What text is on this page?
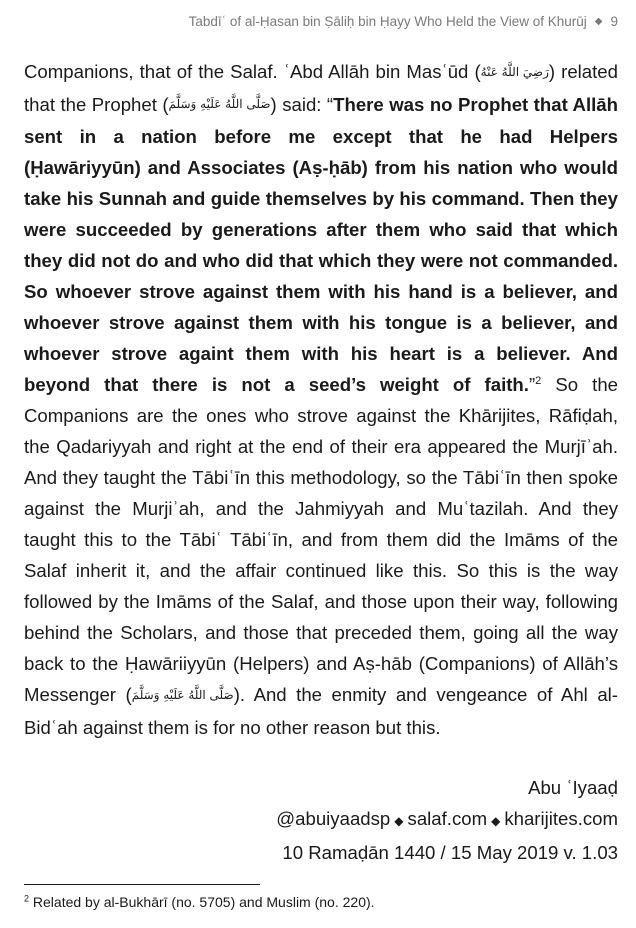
Tabdīʿ of al-Ḥasan bin Ṣāliḥ bin Ḥayy Who Held the View of Khurūj ◆ 9
Companions, that of the Salaf. ʿAbd Allāh bin Masʿūd (رَضِيَ اللَّهُ عَنْهُ) related that the Prophet (صَلَّى اللَّهُ عَلَيْهِ وَسَلَّمَ) said: “There was no Prophet that Allāh sent in a nation before me except that he had Helpers (Ḥawāriyyūn) and Associates (Aṣ-ḥāb) from his nation who would take his Sunnah and guide themselves by his command. Then they were succeeded by generations after them who said that which they did not do and who did that which they were not commanded. So whoever strove against them with his hand is a believer, and whoever strove against them with his tongue is a believer, and whoever strove againt them with his heart is a believer. And beyond that there is not a seed’s weight of faith.”$^2$ So the Companions are the ones who strove against the Khārijites, Rāfiḍah, the Qadariyyah and right at the end of their era appeared the Murjīʾah. And they taught the Tābiʿīn this methodology, so the Tābiʿīn then spoke against the Murjiʾah, and the Jahmiyyah and Muʿtazilah. And they taught this to the Tābiʿ Tābiʿīn, and from them did the Imāms of the Salaf inherit it, and the affair continued like this. So this is the way followed by the Imāms of the Salaf, and those upon their way, following behind the Scholars, and those that preceded them, going all the way back to the Ḥawāriiyyūn (Helpers) and Aṣ-hāb (Companions) of Allāh’s Messenger (صَلَّى اللَّهُ عَلَيْهِ وَسَلَّمَ). And the enmity and vengeance of Ahl al-Bidʿah against them is for no other reason but this.
Abu ʿIyaaḍ
@abuiyaadsp ◆ salaf.com ◆ kharijites.com
10 Ramaḍān 1440 / 15 May 2019 v. 1.03
$^2$ Related by al-Bukhārī (no. 5705) and Muslim (no. 220).
